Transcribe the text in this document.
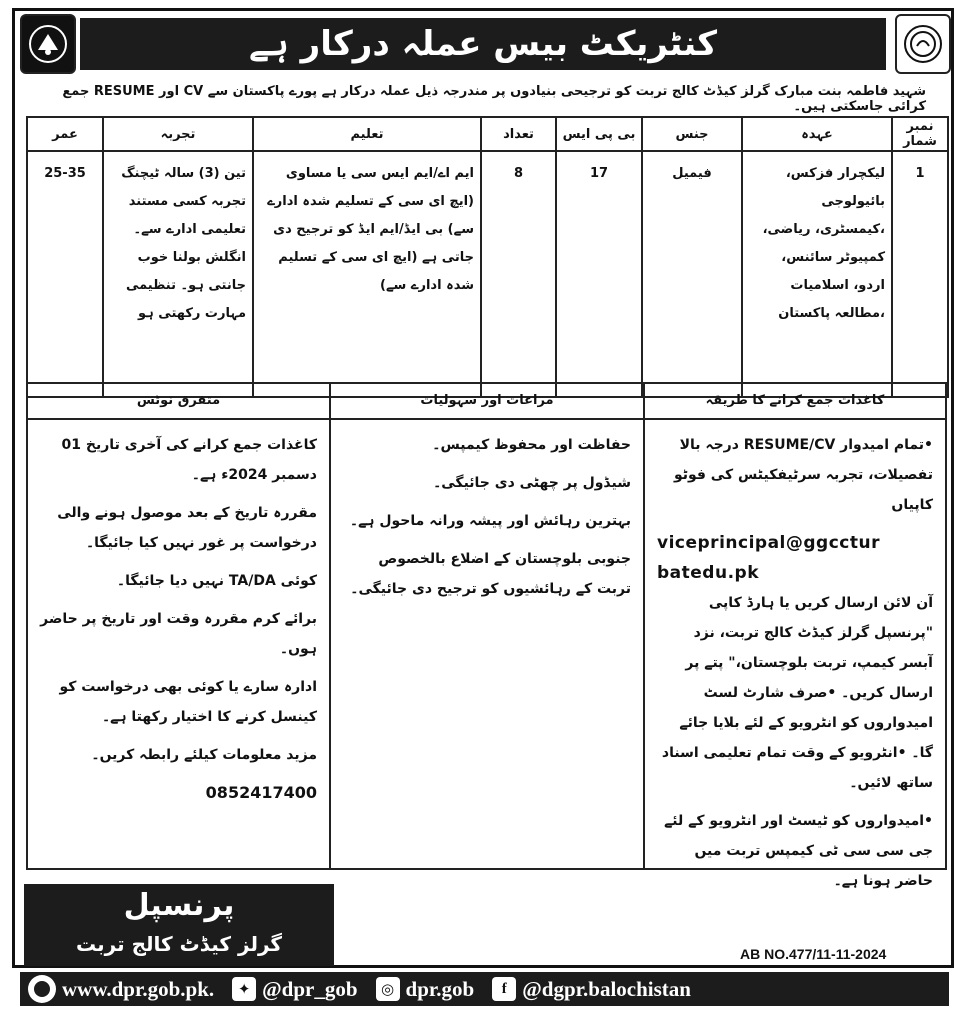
کنٹریکٹ بیس عملہ درکار ہے
شہید فاطمہ بنت مبارک گرلز کیڈٹ کالج تربت کو ترجیحی بنیادوں پر مندرجہ ذیل عملہ درکار ہے پورے پاکستان سے CV اور RESUME جمع کرائی جاسکتی ہیں۔
عمر	تجربہ	تعلیم	تعداد	بی پی ایس	جنس	عہدہ	نمبر شمار
25-35	تین (3) سالہ ٹیچنگ تجربہ کسی مستند تعلیمی ادارے سے۔ انگلش بولنا خوب جانتی ہو۔ تنظیمی مہارت رکھتی ہو	ایم اے/ایم ایس سی یا مساوی (ایچ ای سی کے تسلیم شدہ ادارے سے) بی ایڈ/ایم ایڈ کو ترجیح دی جاتی ہے (ایچ ای سی کے تسلیم شدہ ادارے سے)	8	17	فیمیل	لیکچرار فزکس، بائیولوجی ،کیمسٹری، ریاضی، کمپیوٹر سائنس، اردو، اسلامیات ،مطالعہ پاکستان	1
کاغذات جمع کرانے کا طریقہ

•تمام امیدوار RESUME/CV درجہ بالا تفصیلات، تجربہ سرٹیفکیٹس کی فوٹو کاپیاں

viceprincipal@ggcctur
batedu.pk

آن لائن ارسال کریں یا ہارڈ کاپی "پرنسپل گرلز کیڈٹ کالج تربت، نزد آبسر کیمپ، تربت بلوچستان،" پتے پر ارسال کریں۔ •صرف شارٹ لسٹ امیدواروں کو انٹرویو کے لئے بلایا جائے گا۔ •انٹرویو کے وقت تمام تعلیمی اسناد ساتھ لائیں۔

•امیدواروں کو ٹیسٹ اور انٹرویو کے لئے جی سی سی ٹی کیمپس تربت میں حاضر ہونا ہے۔

مراعات اور سہولیات

حفاظت اور محفوظ کیمپس۔

شیڈول پر چھٹی دی جائیگی۔

بہترین رہائش اور پیشہ ورانہ ماحول ہے۔

جنوبی بلوچستان کے اضلاع بالخصوص تربت کے رہائشیوں کو ترجیح دی جائیگی۔

متفرق نوٹس

کاغذات جمع کرانے کی آخری تاریخ 01 دسمبر 2024ء ہے۔

مقررہ تاریخ کے بعد موصول ہونے والی درخواست پر غور نہیں کیا جائیگا۔

کوئی TA/DA نہیں دیا جائیگا۔

برائے کرم مقررہ وقت اور تاریخ پر حاضر ہوں۔

ادارہ سارے یا کوئی بھی درخواست کو کینسل کرنے کا اختیار رکھتا ہے۔

مزید معلومات کیلئے رابطہ کریں۔

0852417400
پرنسپل
گرلز کیڈٹ کالج تربت	AB NO.477/11-11-2024
www.dpr.gob.pk.	✦ @dpr_gob	◎ dpr.gob	f @dgpr.balochistan
